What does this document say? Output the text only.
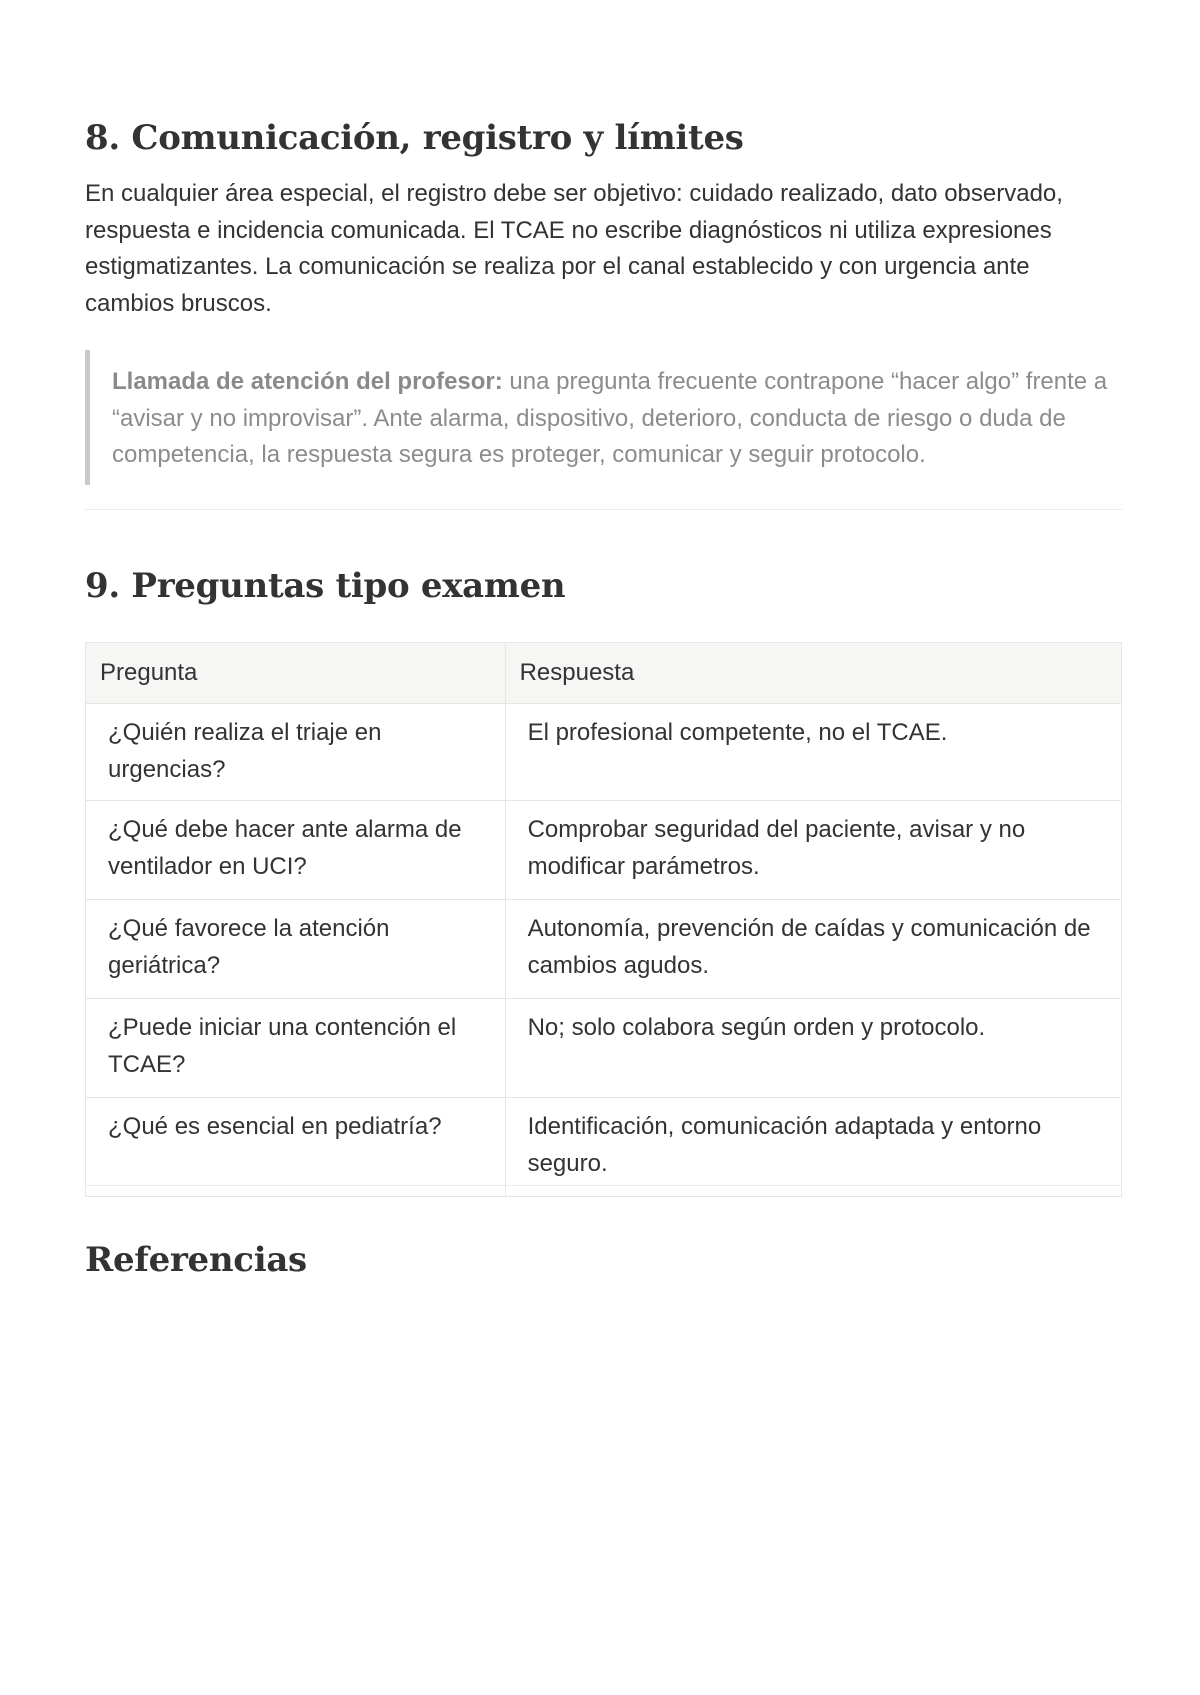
8. Comunicación, registro y límites

En cualquier área especial, el registro debe ser objetivo: cuidado realizado, dato observado, respuesta e incidencia comunicada. El TCAE no escribe diagnósticos ni utiliza expresiones estigmatizantes. La comunicación se realiza por el canal establecido y con urgencia ante cambios bruscos.

Llamada de atención del profesor: una pregunta frecuente contrapone “hacer algo” frente a “avisar y no improvisar”. Ante alarma, dispositivo, deterioro, conducta de riesgo o duda de competencia, la respuesta segura es proteger, comunicar y seguir protocolo.
9. Preguntas tipo examen
Pregunta	Respuesta
¿Quién realiza el triaje en urgencias?	El profesional competente, no el TCAE.
¿Qué debe hacer ante alarma de ventilador en UCI?	Comprobar seguridad del paciente, avisar y no modificar parámetros.
¿Qué favorece la atención geriátrica?	Autonomía, prevención de caídas y comunicación de cambios agudos.
¿Puede iniciar una contención el TCAE?	No; solo colabora según orden y protocolo.
¿Qué es esencial en pediatría?	Identificación, comunicación adaptada y entorno seguro.
Referencias
